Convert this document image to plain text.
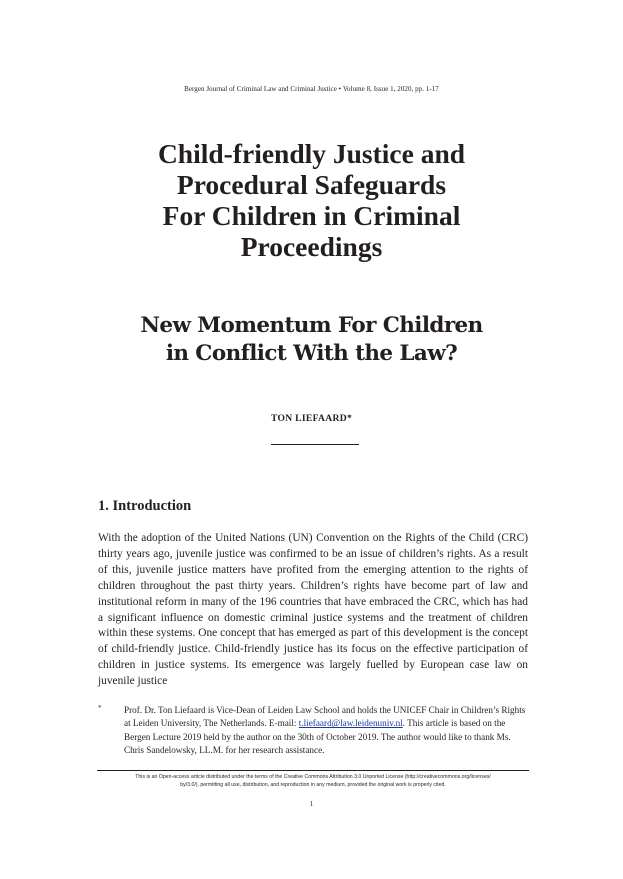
Bergen Journal of Criminal Law and Criminal Justice • Volume 8, Issue 1, 2020, pp. 1-17
Child-friendly Justice and
Procedural Safeguards
For Children in Criminal
Proceedings
New Momentum For Children
in Conflict With the Law?
TON LIEFAARD*
1. Introduction
With the adoption of the United Nations (UN) Convention on the Rights of the Child (CRC) thirty years ago, juvenile justice was confirmed to be an issue of children’s rights. As a result of this, juvenile justice matters have profited from the emerging attention to the rights of children throughout the past thirty years. Children’s rights have become part of law and institutional reform in many of the 196 countries that have embraced the CRC, which has had a significant influence on domestic criminal justice systems and the treatment of children within these systems. One concept that has emerged as part of this development is the concept of child-friendly justice. Child-friendly justice has its focus on the effective participation of children in justice systems. Its emergence was largely fuelled by European case law on juvenile justice
* Prof. Dr. Ton Liefaard is Vice-Dean of Leiden Law School and holds the UNICEF Chair in Children’s Rights at Leiden University, The Netherlands. E-mail: t.liefaard@law.leidenuniv.nl. This article is based on the Bergen Lecture 2019 held by the author on the 30th of October 2019. The author would like to thank Ms. Chris Sandelowsky, LL.M. for her research assistance.
This is an Open-access article distributed under the terms of the Creative Commons Attribution 3.0 Unported License (http://creativecommons.org/licenses/
by/3.0/), permitting all use, distribution, and reproduction in any medium, provided the original work is properly cited.
1
